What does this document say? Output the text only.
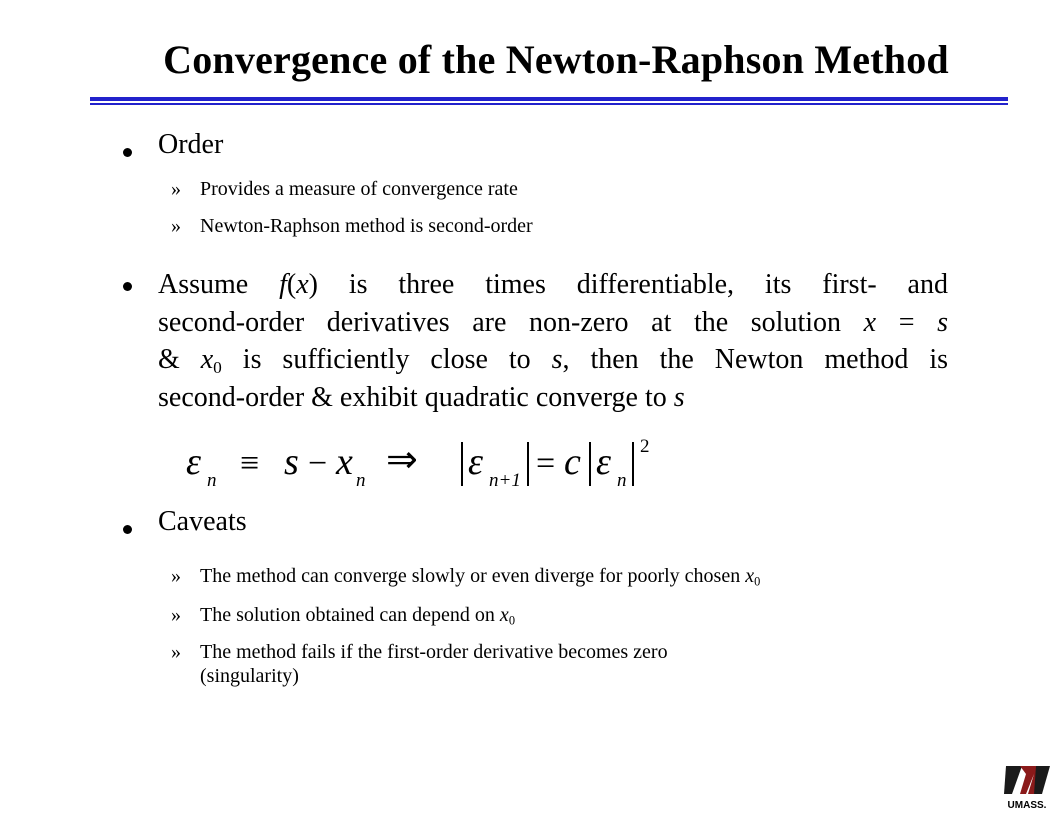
Convergence of the Newton-Raphson Method
Order
» Provides a measure of convergence rate
» Newton-Raphson method is second-order
Assume f(x) is three times differentiable, its first- and
second-order derivatives are non-zero at the solution x = s
& $x_0$ is sufficiently close to s, then the Newton method is
second-order & exhibit quadratic converge to s
ε n ≡ s − x n ⇒ ε n+1 = c ε n
2
Caveats
» The method can converge slowly or even diverge for poorly chosen $x_0$
» The solution obtained can depend on $x_0$
» The method fails if the first-order derivative becomes zero
(singularity)
UMASS.
